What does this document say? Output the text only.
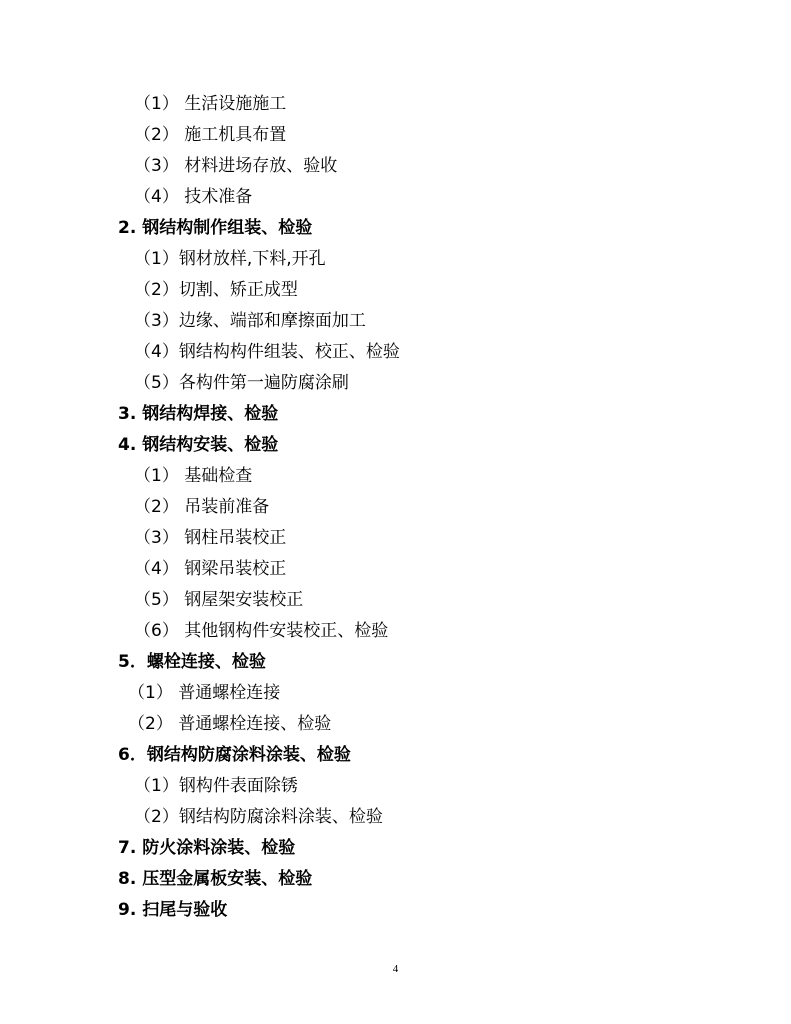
（1） 生活设施施工
（2） 施工机具布置
（3） 材料进场存放、验收
（4） 技术准备
2. 钢结构制作组装、检验
（1）钢材放样,下料,开孔
（2）切割、矫正成型
（3）边缘、端部和摩擦面加工
（4）钢结构构件组装、校正、检验
（5）各构件第一遍防腐涂刷
3. 钢结构焊接、检验
4. 钢结构安装、检验
（1） 基础检查
（2） 吊装前准备
（3） 钢柱吊装校正
（4） 钢梁吊装校正
（5） 钢屋架安装校正
（6） 其他钢构件安装校正、检验
5．螺栓连接、检验
（1） 普通螺栓连接
（2） 普通螺栓连接、检验
6．钢结构防腐涂料涂装、检验
（1）钢构件表面除锈
（2）钢结构防腐涂料涂装、检验
7. 防火涂料涂装、检验
8. 压型金属板安装、检验
9. 扫尾与验收
4
